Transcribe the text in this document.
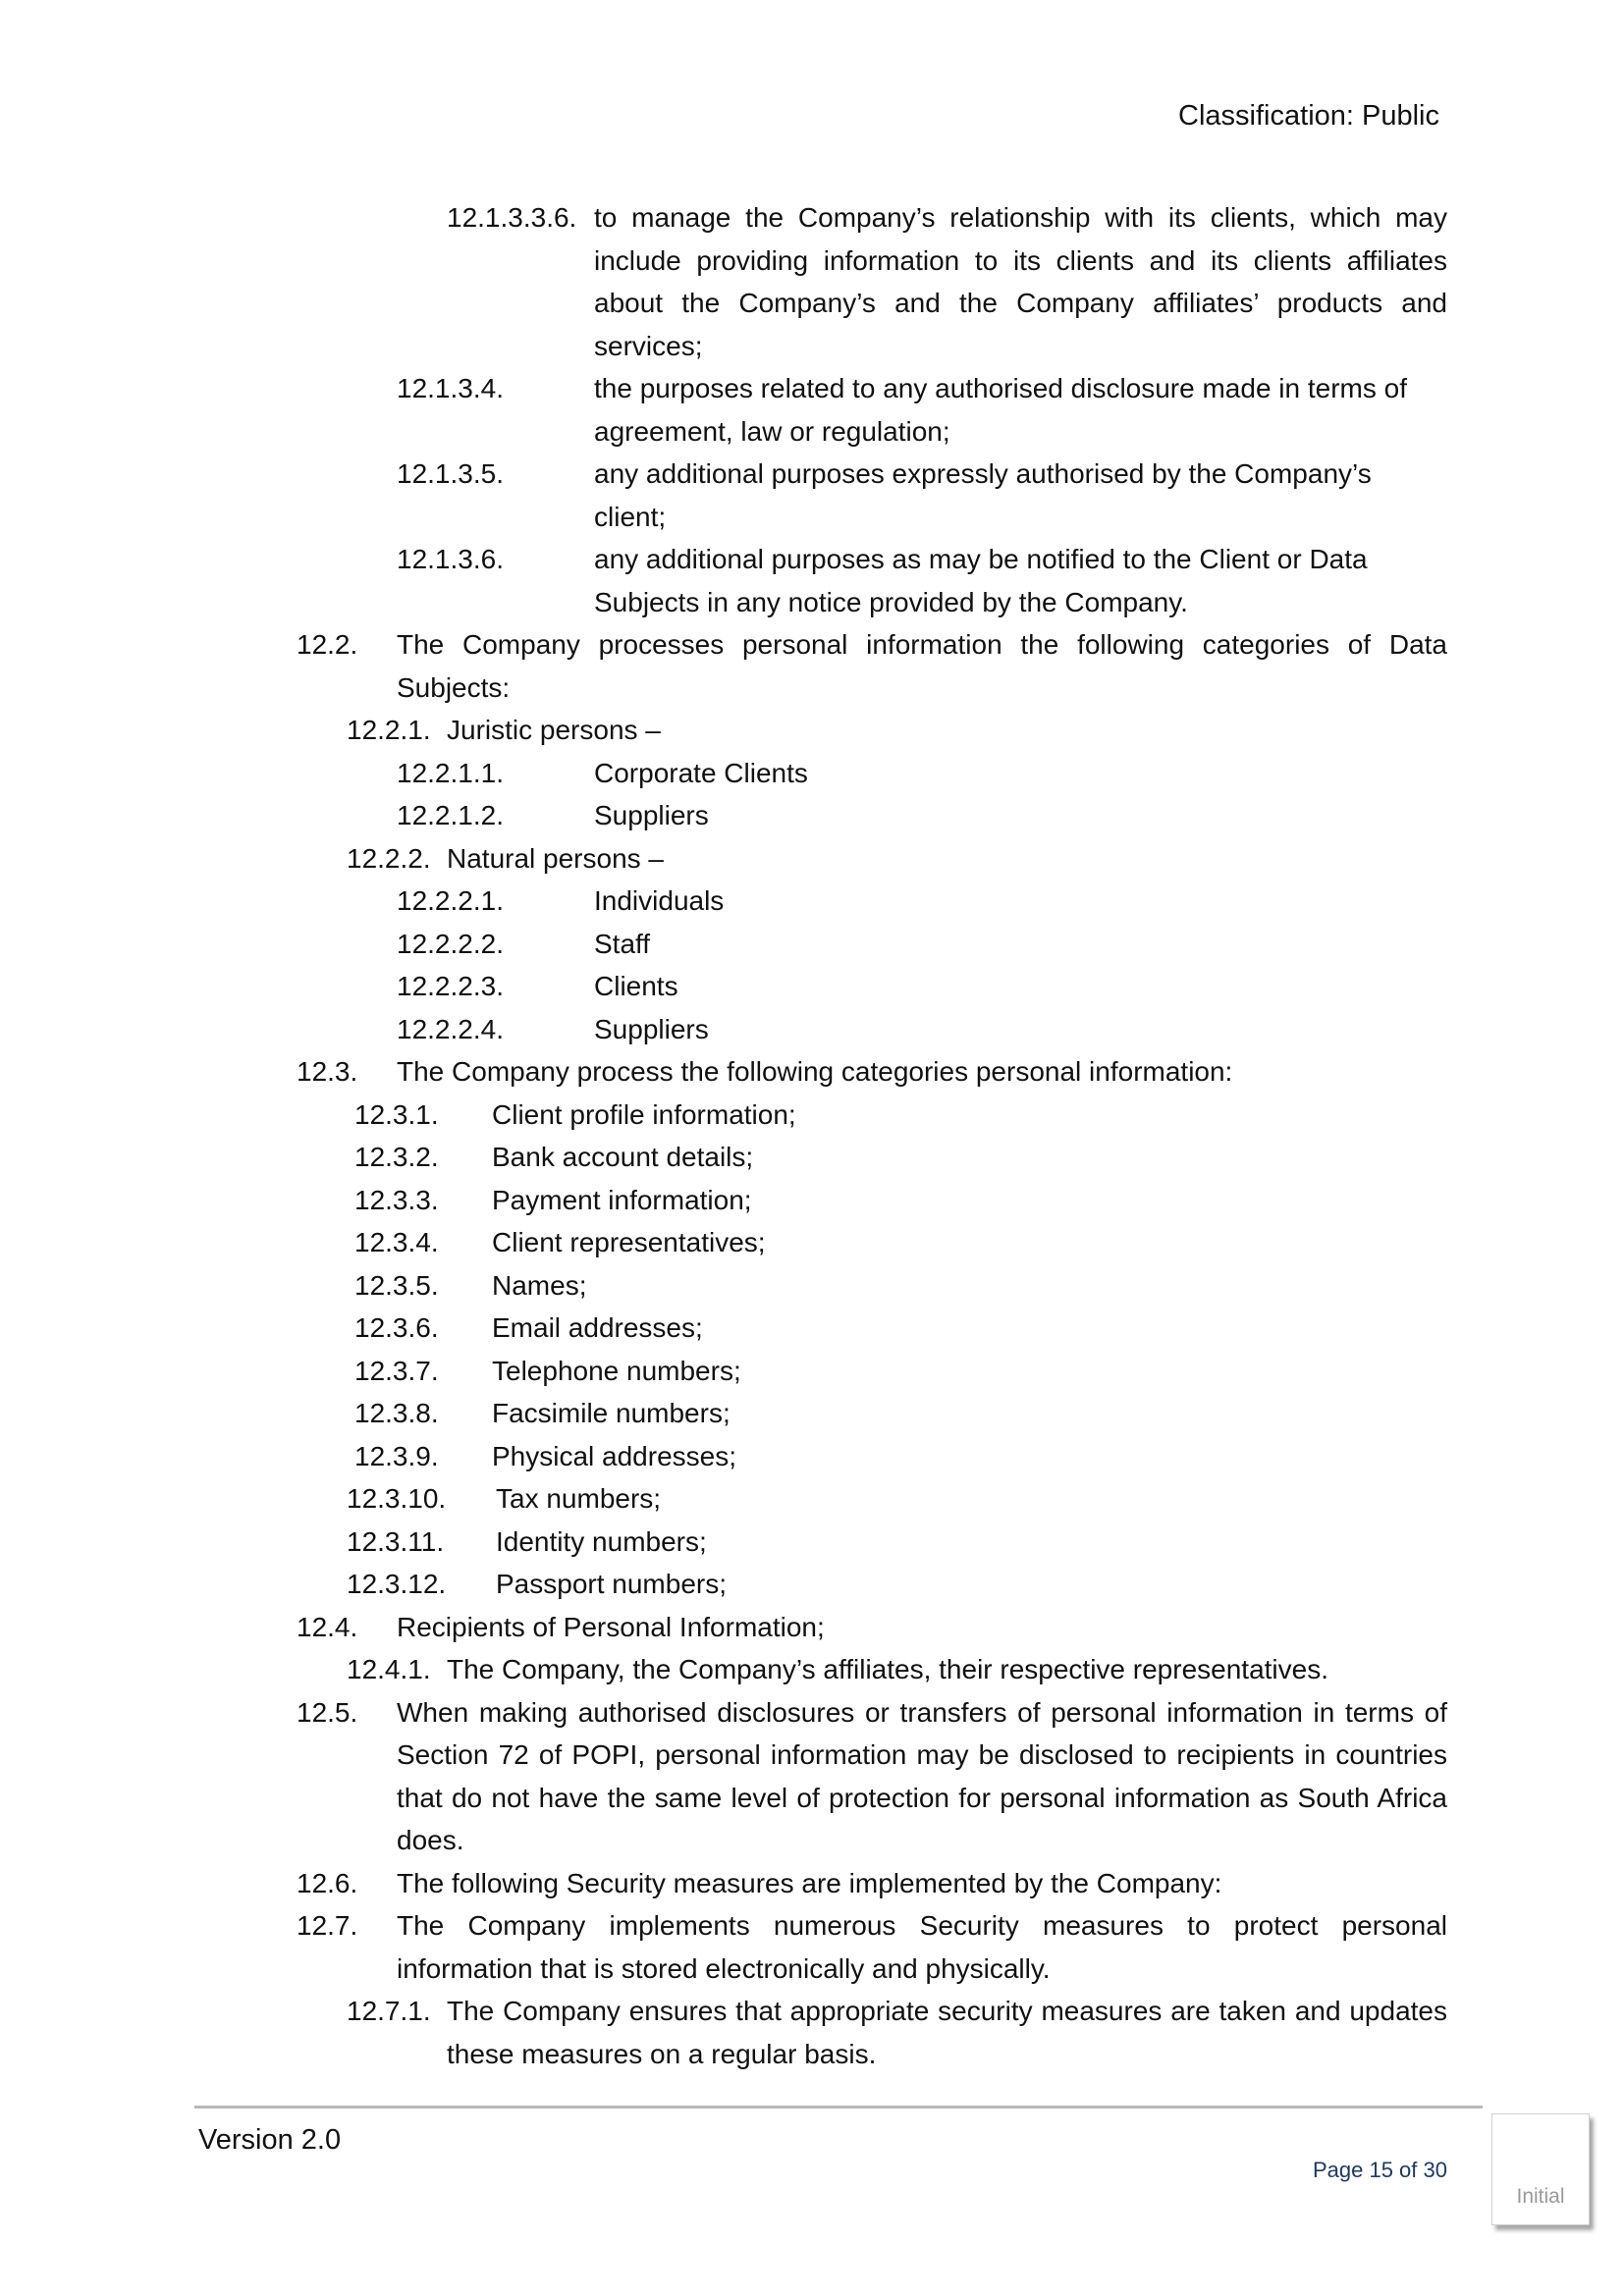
Classification: Public
12.1.3.3.6. to manage the Company’s relationship with its clients, which may
include providing information to its clients and its clients affiliates
about the Company’s and the Company affiliates’ products and
services;
12.1.3.4.	the purposes related to any authorised disclosure made in terms of
agreement, law or regulation;
12.1.3.5.	any additional purposes expressly authorised by the Company’s
client;
12.1.3.6.	any additional purposes as may be notified to the Client or Data
Subjects in any notice provided by the Company.
12.2. The Company processes personal information the following categories of Data
Subjects:
12.2.1. Juristic persons –
12.2.1.1.	Corporate Clients
12.2.1.2.	Suppliers
12.2.2. Natural persons –
12.2.2.1.	Individuals
12.2.2.2.	Staff
12.2.2.3.	Clients
12.2.2.4.	Suppliers
12.3. The Company process the following categories personal information:
12.3.1. Client profile information;
12.3.2. Bank account details;
12.3.3. Payment information;
12.3.4. Client representatives;
12.3.5. Names;
12.3.6. Email addresses;
12.3.7. Telephone numbers;
12.3.8. Facsimile numbers;
12.3.9. Physical addresses;
12.3.10. Tax numbers;
12.3.11. Identity numbers;
12.3.12. Passport numbers;
12.4. Recipients of Personal Information;
12.4.1. The Company, the Company’s affiliates, their respective representatives.
12.5. When making authorised disclosures or transfers of personal information in terms of
Section 72 of POPI, personal information may be disclosed to recipients in countries
that do not have the same level of protection for personal information as South Africa
does.
12.6. The following Security measures are implemented by the Company:
12.7. The Company implements numerous Security measures to protect personal
information that is stored electronically and physically.
12.7.1. The Company ensures that appropriate security measures are taken and updates
these measures on a regular basis.
Version 2.0
Page 15 of 30
Initial
